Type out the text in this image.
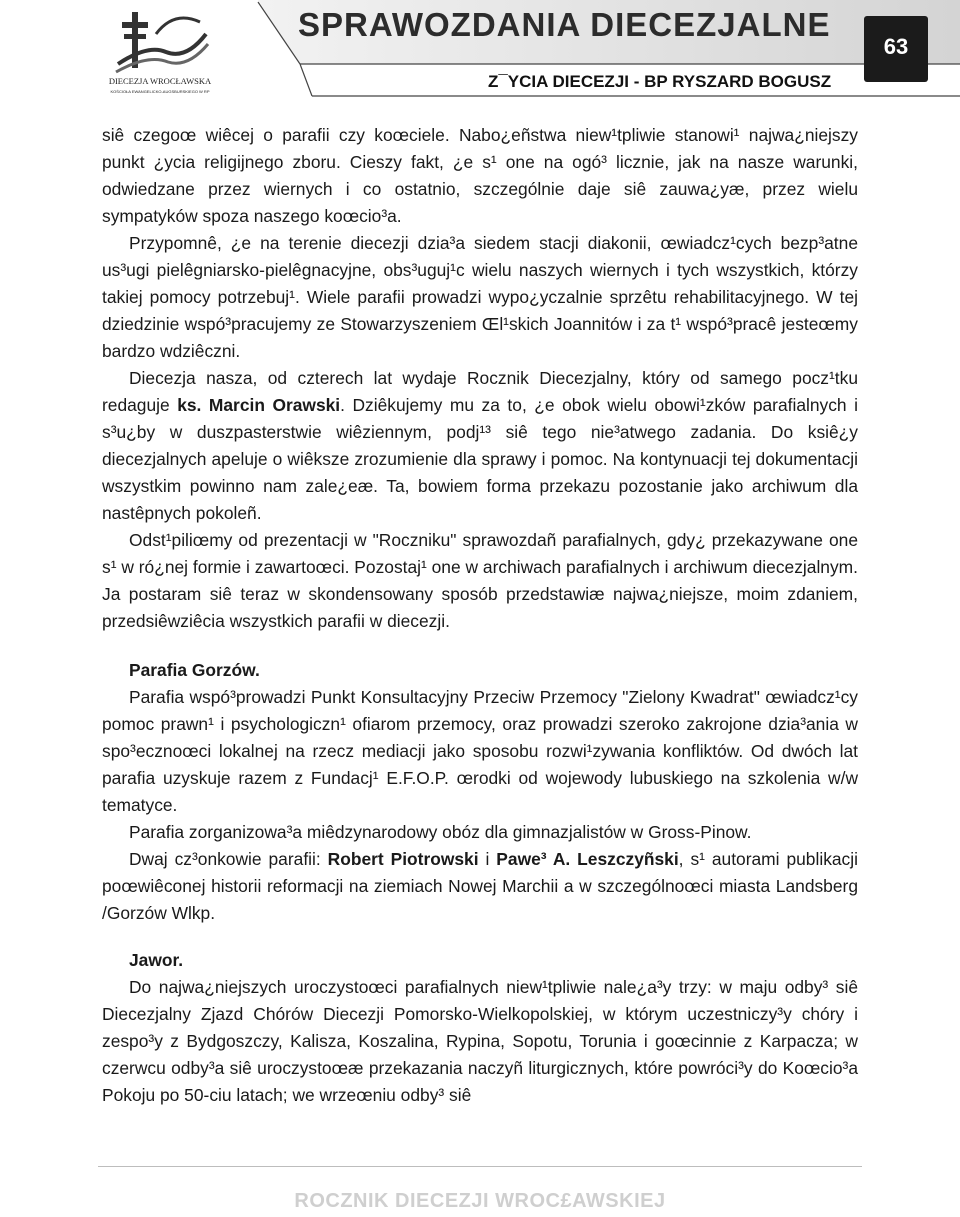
DIECEZJA WROCŁAWSKA
KOŚCIOŁA EWANGELICKO-AUGSBURSKIEGO W RP
SPRAWOZDANIA DIECEZJALNE
Z¯YCIA DIECEZJI - BP RYSZARD BOGUSZ
63

siê czegoœ wiêcej o parafii czy koœciele. Nabo¿eñstwa niew¹tpliwie stanowi¹ najwa¿niejszy punkt ¿ycia religijnego zboru. Cieszy fakt, ¿e s¹ one na ogó³ licznie, jak na nasze warunki, odwiedzane przez wiernych i co ostatnio, szczególnie daje siê zauwa¿yæ, przez wielu sympatyków spoza naszego koœcio³a.

Przypomnê, ¿e na terenie diecezji dzia³a siedem stacji diakonii, œwiadcz¹cych bezp³atne us³ugi pielêgniarsko-pielêgnacyjne, obs³uguj¹c wielu naszych wiernych i tych wszystkich, którzy takiej pomocy potrzebuj¹. Wiele parafii prowadzi wypo¿yczalnie sprzêtu rehabilitacyjnego. W tej dziedzinie wspó³pracujemy ze Stowarzyszeniem Œl¹skich Joannitów i za t¹ wspó³pracê jesteœmy bardzo wdziêczni.

Diecezja nasza, od czterech lat wydaje Rocznik Diecezjalny, który od samego pocz¹tku redaguje ks. Marcin Orawski. Dziêkujemy mu za to, ¿e obok wielu obowi¹zków parafialnych i s³u¿by w duszpasterstwie wiêziennym, podj¹³ siê tego nie³atwego zadania. Do ksiê¿y diecezjalnych apeluje o wiêksze zrozumienie dla sprawy i pomoc. Na kontynuacji tej dokumentacji wszystkim powinno nam zale¿eæ. Ta, bowiem forma przekazu pozostanie jako archiwum dla nastêpnych pokoleñ.

Odst¹piliœmy od prezentacji w "Roczniku" sprawozdañ parafialnych, gdy¿ przekazywane one s¹ w ró¿nej formie i zawartoœci. Pozostaj¹ one w archiwach parafialnych i archiwum diecezjalnym. Ja postaram siê teraz w skondensowany sposób przedstawiæ najwa¿niejsze, moim zdaniem, przedsiêwziêcia wszystkich parafii w diecezji.

Parafia Gorzów.

Parafia wspó³prowadzi Punkt Konsultacyjny Przeciw Przemocy "Zielony Kwadrat" œwiadcz¹cy pomoc prawn¹ i psychologiczn¹ ofiarom przemocy, oraz prowadzi szeroko zakrojone dzia³ania w spo³ecznoœci lokalnej na rzecz mediacji jako sposobu rozwi¹zywania konfliktów. Od dwóch lat parafia uzyskuje razem z Fundacj¹ E.F.O.P. œrodki od wojewody lubuskiego na szkolenia w/w tematyce.

Parafia zorganizowa³a miêdzynarodowy obóz dla gimnazjalistów w Gross-Pinow.

Dwaj cz³onkowie parafii: Robert Piotrowski i Pawe³ A. Leszczyñski, s¹ autorami publikacji poœwiêconej historii reformacji na ziemiach Nowej Marchii a w szczególnoœci miasta Landsberg /Gorzów Wlkp.

Jawor.

Do najwa¿niejszych uroczystoœci parafialnych niew¹tpliwie nale¿a³y trzy: w maju odby³ siê Diecezjalny Zjazd Chórów Diecezji Pomorsko-Wielkopolskiej, w którym uczestniczy³y chóry i zespo³y z Bydgoszczy, Kalisza, Koszalina, Rypina, Sopotu, Torunia i goœcinnie z Karpacza; w czerwcu odby³a siê uroczystoœæ przekazania naczyñ liturgicznych, które powróci³y do Koœcio³a Pokoju po 50-ciu latach; we wrzeœniu odby³ siê

ROCZNIK DIECEZJI WROC£AWSKIEJ
